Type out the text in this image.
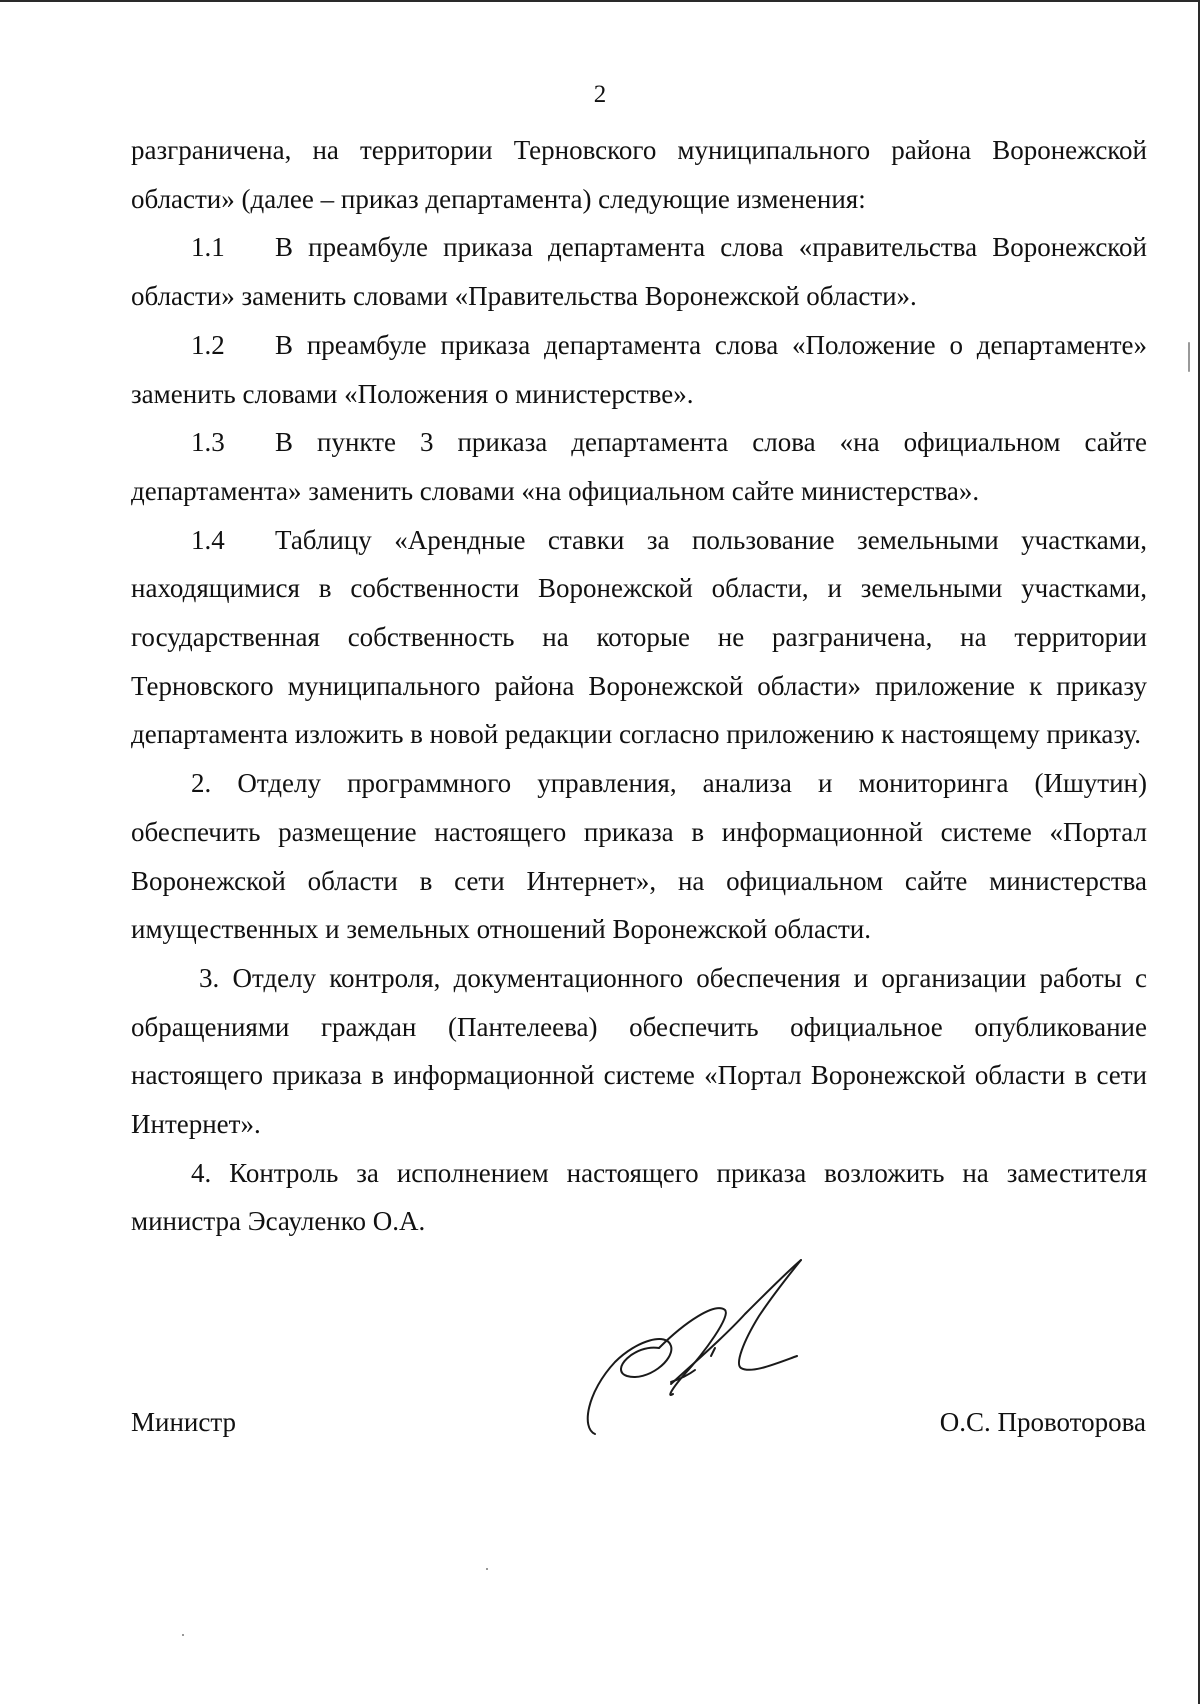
2

разграничена, на территории Терновского муниципального района Воронежской области» (далее – приказ департамента) следующие изменения:

1.1 В преамбуле приказа департамента слова «правительства Воронежской области» заменить словами «Правительства Воронежской области».

1.2 В преамбуле приказа департамента слова «Положение о департаменте» заменить словами «Положения о министерстве».

1.3 В пункте 3 приказа департамента слова «на официальном сайте департамента» заменить словами «на официальном сайте министерства».

1.4 Таблицу «Арендные ставки за пользование земельными участками, находящимися в собственности Воронежской области, и земельными участками, государственная собственность на которые не разграничена, на территории Терновского муниципального района Воронежской области» приложение к приказу департамента изложить в новой редакции согласно приложению к настоящему приказу.

2. Отделу программного управления, анализа и мониторинга (Ишутин) обеспечить размещение настоящего приказа в информационной системе «Портал Воронежской области в сети Интернет», на официальном сайте министерства имущественных и земельных отношений Воронежской области.

3. Отделу контроля, документационного обеспечения и организации работы с обращениями граждан (Пантелеева) обеспечить официальное опубликование настоящего приказа в информационной системе «Портал Воронежской области в сети Интернет».

4. Контроль за исполнением настоящего приказа возложить на заместителя министра Эсауленко О.А.

Министр	О.С. Провоторова
